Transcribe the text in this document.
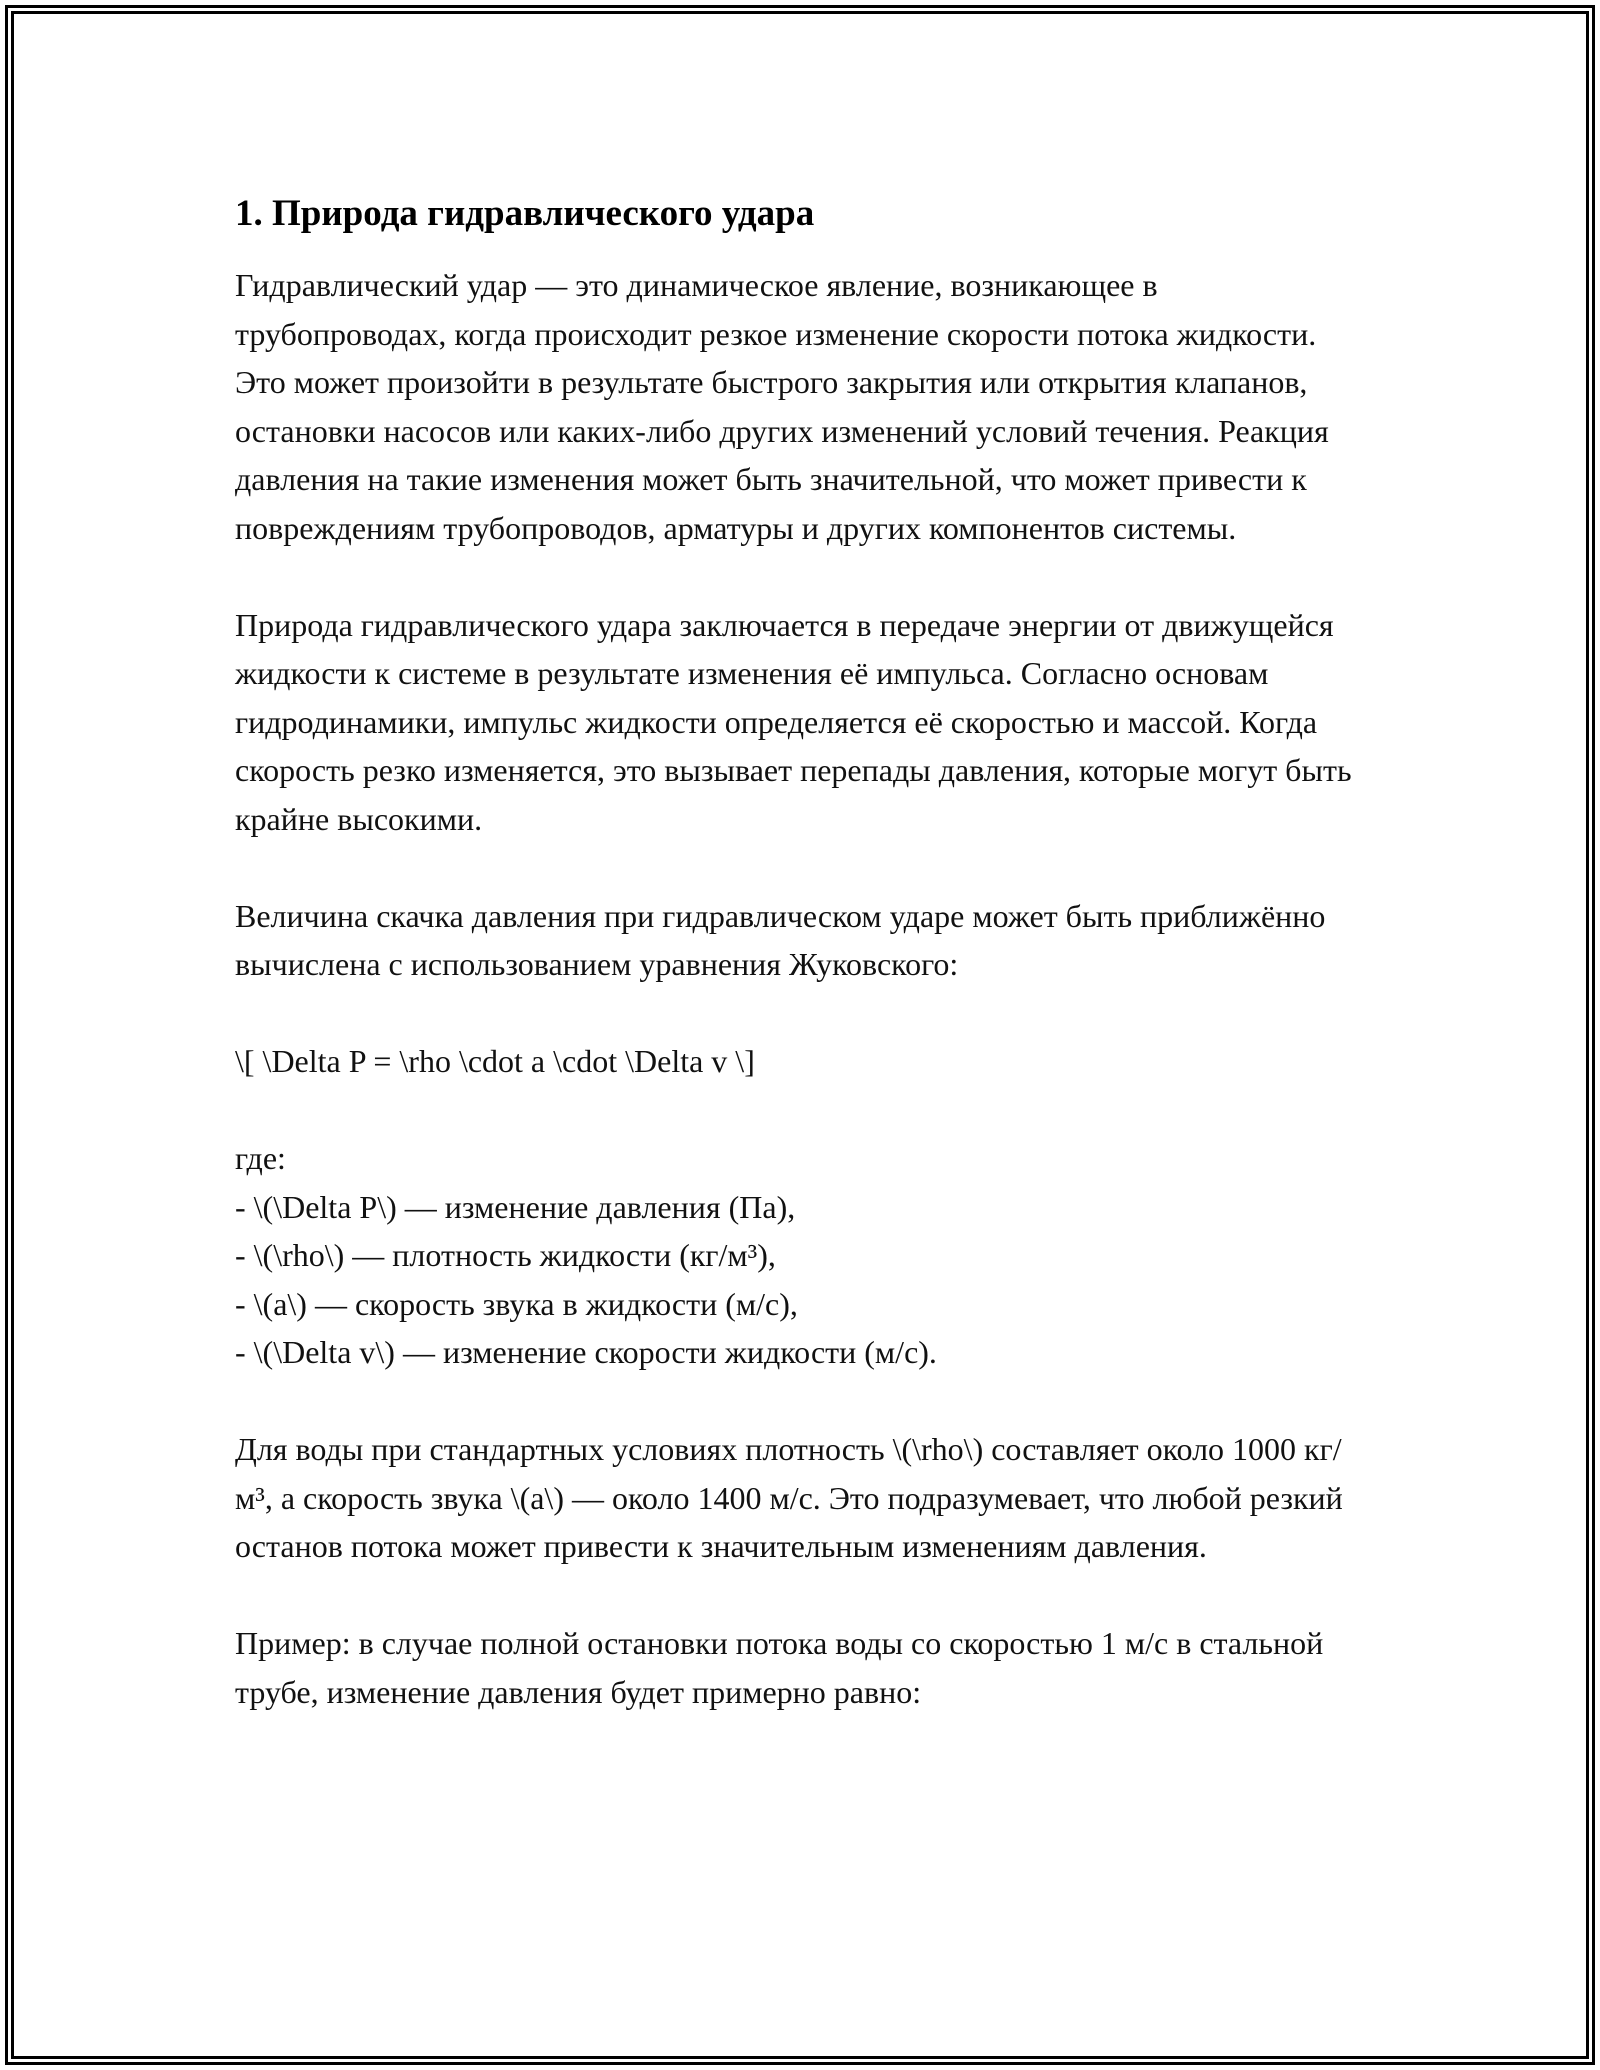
1. Природа гидравлического удара

Гидравлический удар — это динамическое явление, возникающее в трубопроводах, когда происходит резкое изменение скорости потока жидкости. Это может произойти в результате быстрого закрытия или открытия клапанов, остановки насосов или каких-либо других изменений условий течения. Реакция давления на такие изменения может быть значительной, что может привести к повреждениям трубопроводов, арматуры и других компонентов системы.

Природа гидравлического удара заключается в передаче энергии от движущейся жидкости к системе в результате изменения её импульса. Согласно основам гидродинамики, импульс жидкости определяется её скоростью и массой. Когда скорость резко изменяется, это вызывает перепады давления, которые могут быть крайне высокими.

Величина скачка давления при гидравлическом ударе может быть приближённо вычислена с использованием уравнения Жуковского:

\[ \Delta P = \rho \cdot a \cdot \Delta v \]

где:
- \(\Delta P\) — изменение давления (Па),
- \(\rho\) — плотность жидкости (кг/м³),
- \(a\) — скорость звука в жидкости (м/с),
- \(\Delta v\) — изменение скорости жидкости (м/с).

Для воды при стандартных условиях плотность \(\rho\) составляет около 1000 кг/м³, а скорость звука \(a\) — около 1400 м/с. Это подразумевает, что любой резкий останов потока может привести к значительным изменениям давления.

Пример: в случае полной остановки потока воды со скоростью 1 м/с в стальной трубе, изменение давления будет примерно равно:
